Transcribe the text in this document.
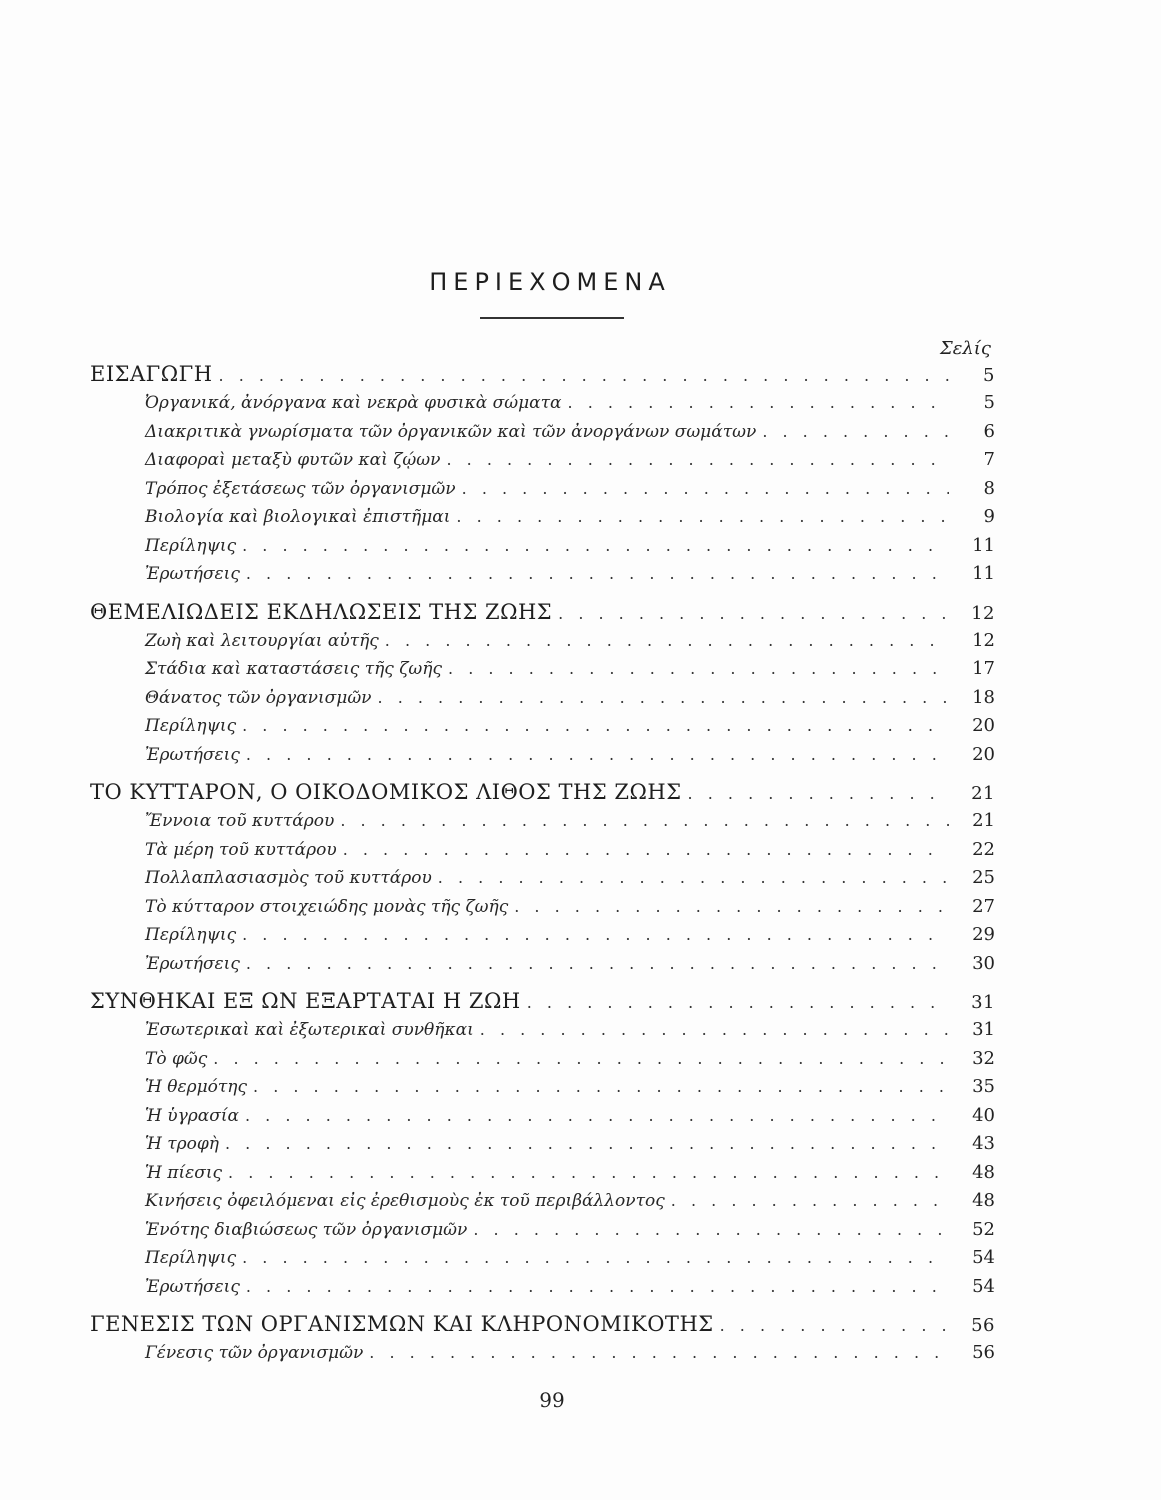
ΠΕΡΙΕΧΟΜΕΝΑ
Σελίς
ΕΙΣΑΓΩΓΗ . . .	5
Ὀργανικά, ἀνόργανα καὶ νεκρὰ φυσικὰ σώματα . . .	5
Διακριτικὰ γνωρίσματα τῶν ὀργανικῶν καὶ τῶν ἀνοργάνων σωμάτων . . .	6
Διαφοραὶ μεταξὺ φυτῶν καὶ ζῴων . . .	7
Τρόπος ἐξετάσεως τῶν ὀργανισμῶν . . .	8
Βιολογία καὶ βιολογικαὶ ἐπιστῆμαι . . .	9
Περίληψις . . .	11
Ἐρωτήσεις . . .	11
ΘΕΜΕΛΙΩΔΕΙΣ ΕΚΔΗΛΩΣΕΙΣ ΤΗΣ ΖΩΗΣ . . .	12
Ζωὴ καὶ λειτουργίαι αὐτῆς . . .	12
Στάδια καὶ καταστάσεις τῆς ζωῆς . . .	17
Θάνατος τῶν ὀργανισμῶν . . .	18
Περίληψις . . .	20
Ἐρωτήσεις . . .	20
ΤΟ ΚΥΤΤΑΡΟΝ, Ο ΟΙΚΟΔΟΜΙΚΟΣ ΛΙΘΟΣ ΤΗΣ ΖΩΗΣ . . .	21
Ἔννοια τοῦ κυττάρου . . .	21
Τὰ μέρη τοῦ κυττάρου . . .	22
Πολλαπλασιασμὸς τοῦ κυττάρου . . .	25
Τὸ κύτταρον στοιχειώδης μονὰς τῆς ζωῆς . . .	27
Περίληψις . . .	29
Ἐρωτήσεις . . .	30
ΣΥΝΘΗΚΑΙ ΕΞ ΩΝ ΕΞΑΡΤΑΤΑΙ Η ΖΩΗ . . .	31
Ἐσωτερικαὶ καὶ ἐξωτερικαὶ συνθῆκαι . . .	31
Τὸ φῶς . . .	32
Ἡ θερμότης . . .	35
Ἡ ὑγρασία . . .	40
Ἡ τροφὴ . . .	43
Ἡ πίεσις . . .	48
Κινήσεις ὀφειλόμεναι εἰς ἐρεθισμοὺς ἐκ τοῦ περιβάλλοντος . . .	48
Ἑνότης διαβιώσεως τῶν ὀργανισμῶν . . .	52
Περίληψις . . .	54
Ἐρωτήσεις . . .	54
ΓΕΝΕΣΙΣ ΤΩΝ ΟΡΓΑΝΙΣΜΩΝ ΚΑΙ ΚΛΗΡΟΝΟΜΙΚΟΤΗΣ . . .	56
Γένεσις τῶν ὀργανισμῶν . . .	56
99
